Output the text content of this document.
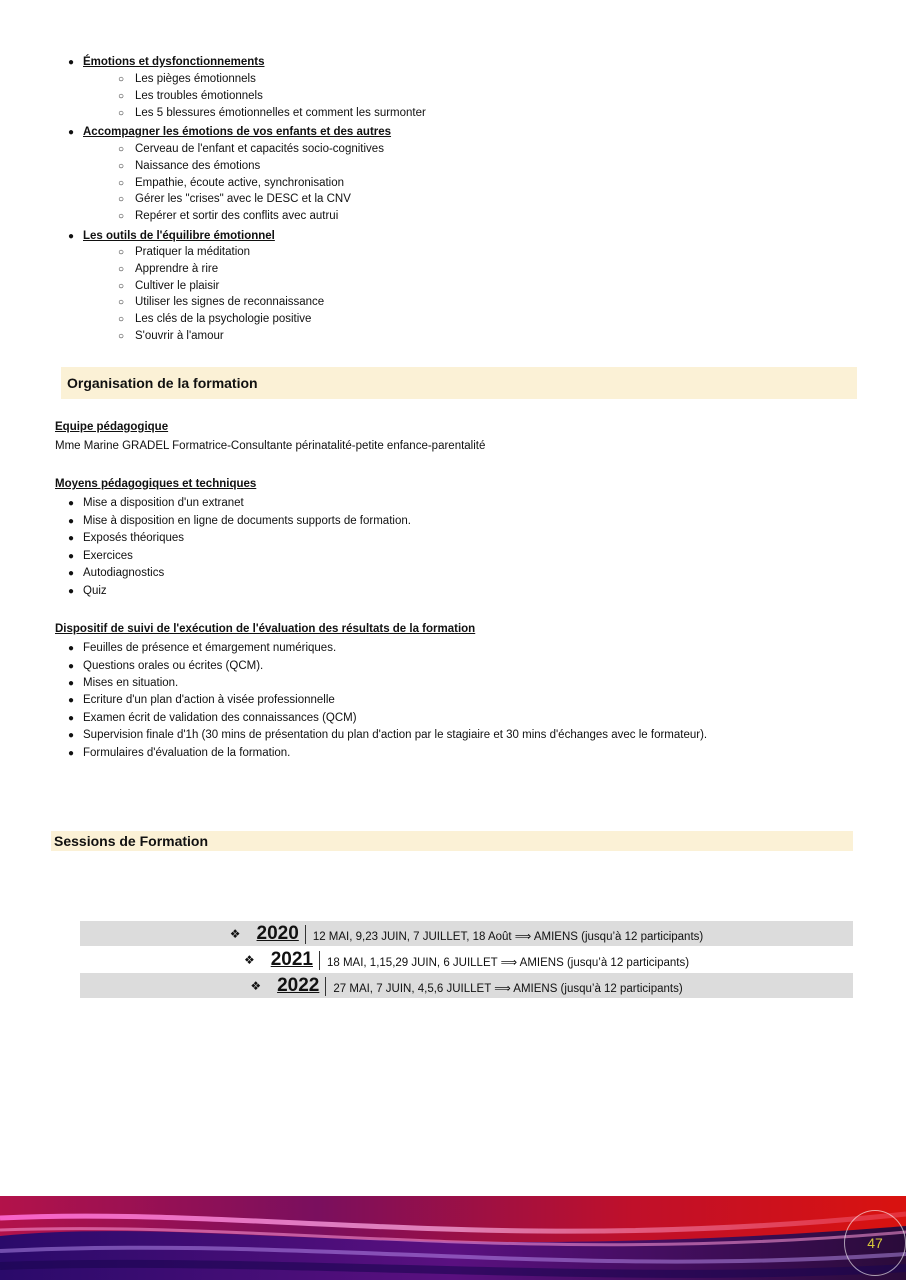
● Émotions et dysfonctionnements
○ Les pièges émotionnels
○ Les troubles émotionnels
○ Les 5 blessures émotionnelles et comment les surmonter
● Accompagner les émotions de vos enfants et des autres
○ Cerveau de l'enfant et capacités socio-cognitives
○ Naissance des émotions
○ Empathie, écoute active, synchronisation
○ Gérer les "crises" avec le DESC et la CNV
○ Repérer et sortir des conflits avec autrui
● Les outils de l'équilibre émotionnel
○ Pratiquer la méditation
○ Apprendre à rire
○ Cultiver le plaisir
○ Utiliser les signes de reconnaissance
○ Les clés de la psychologie positive
○ S'ouvrir à l'amour
Organisation de la formation
Equipe pédagogique
Mme Marine GRADEL Formatrice-Consultante périnatalité-petite enfance-parentalité
Moyens pédagogiques et techniques
● Mise a disposition d'un extranet
● Mise à disposition en ligne de documents supports de formation.
● Exposés théoriques
● Exercices
● Autodiagnostics
● Quiz
Dispositif de suivi de l'exécution de l'évaluation des résultats de la formation
● Feuilles de présence et émargement numériques.
● Questions orales ou écrites (QCM).
● Mises en situation.
● Ecriture d'un plan d'action à visée professionnelle
● Examen écrit de validation des connaissances (QCM)
● Supervision finale d'1h (30 mins de présentation du plan d'action par le stagiaire et 30 mins d'échanges avec le formateur).
● Formulaires d'évaluation de la formation.
Sessions de Formation
❖ 2020 12 MAI, 9,23 JUIN, 7 JUILLET, 18 Août ⟹ AMIENS (jusqu’à 12 participants)
❖ 2021 18 MAI, 1,15,29 JUIN, 6 JUILLET ⟹ AMIENS (jusqu’à 12 participants)
❖ 2022 27 MAI, 7 JUIN, 4,5,6 JUILLET ⟹ AMIENS (jusqu’à 12 participants)
47
